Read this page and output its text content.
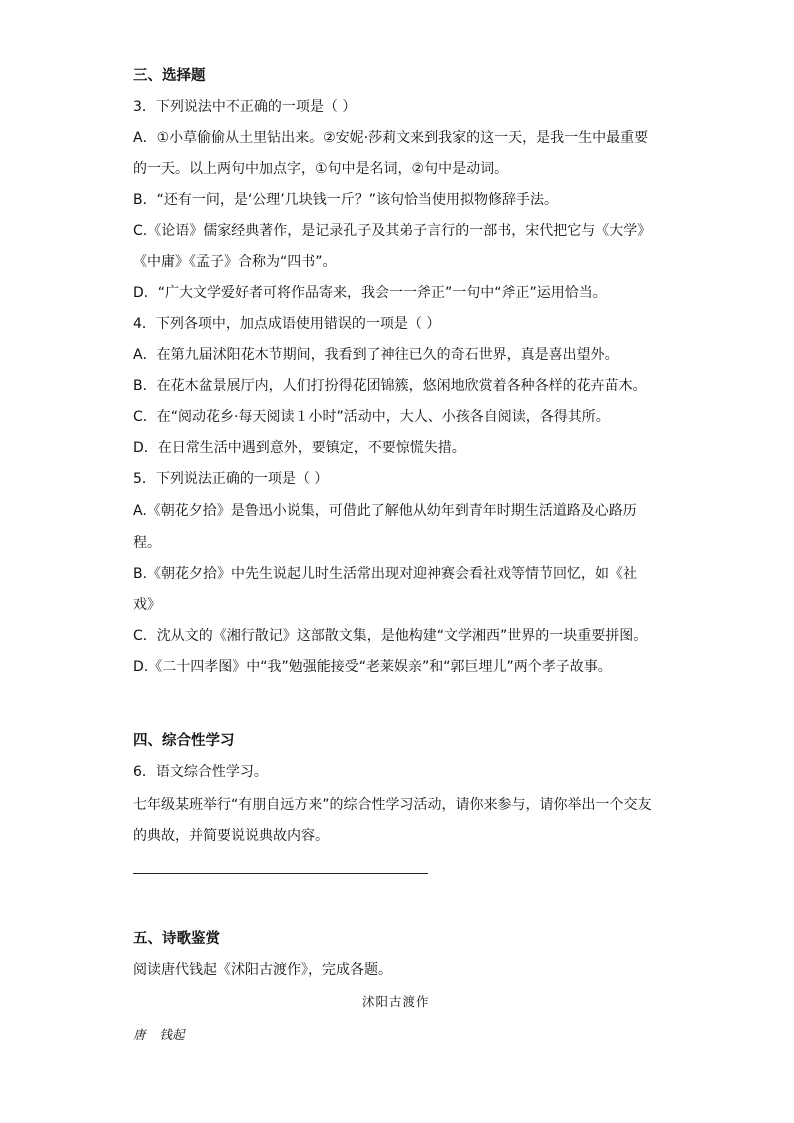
三、选择题
3．下列说法中不正确的一项是（ ）
A．①小草偷偷从土里钻出来。②安妮·莎莉文来到我家的这一天，是我一生中最重要
的一天。以上两句中加点字，①句中是名词，②句中是动词。
B．“还有一问，是‘公理’几块钱一斤？”该句恰当使用拟物修辞手法。
C.《论语》儒家经典著作，是记录孔子及其弟子言行的一部书，宋代把它与《大学》
《中庸》《孟子》合称为“四书”。
D．“广大文学爱好者可将作品寄来，我会一一斧正”一句中“斧正”运用恰当。
4．下列各项中，加点成语使用错误的一项是（ ）
A．在第九届沭阳花木节期间，我看到了神往已久的奇石世界，真是喜出望外。
B．在花木盆景展厅内，人们打扮得花团锦簇，悠闲地欣赏着各种各样的花卉苗木。
C．在“阅动花乡·每天阅读１小时”活动中，大人、小孩各自阅读，各得其所。
D．在日常生活中遇到意外，要镇定，不要惊慌失措。
5．下列说法正确的一项是（ ）
A.《朝花夕拾》是鲁迅小说集，可借此了解他从幼年到青年时期生活道路及心路历
程。
B.《朝花夕拾》中先生说起儿时生活常出现对迎神赛会看社戏等情节回忆，如《社
戏》
C．沈从文的《湘行散记》这部散文集，是他构建“文学湘西”世界的一块重要拼图。
D.《二十四孝图》中“我”勉强能接受“老莱娱亲”和“郭巨埋儿”两个孝子故事。
四、综合性学习
6．语文综合性学习。
七年级某班举行“有朋自远方来”的综合性学习活动，请你来参与，请你举出一个交友
的典故，并简要说说典故内容。
五、诗歌鉴赏
阅读唐代钱起《沭阳古渡作》，完成各题。
沭阳古渡作
唐 钱起
